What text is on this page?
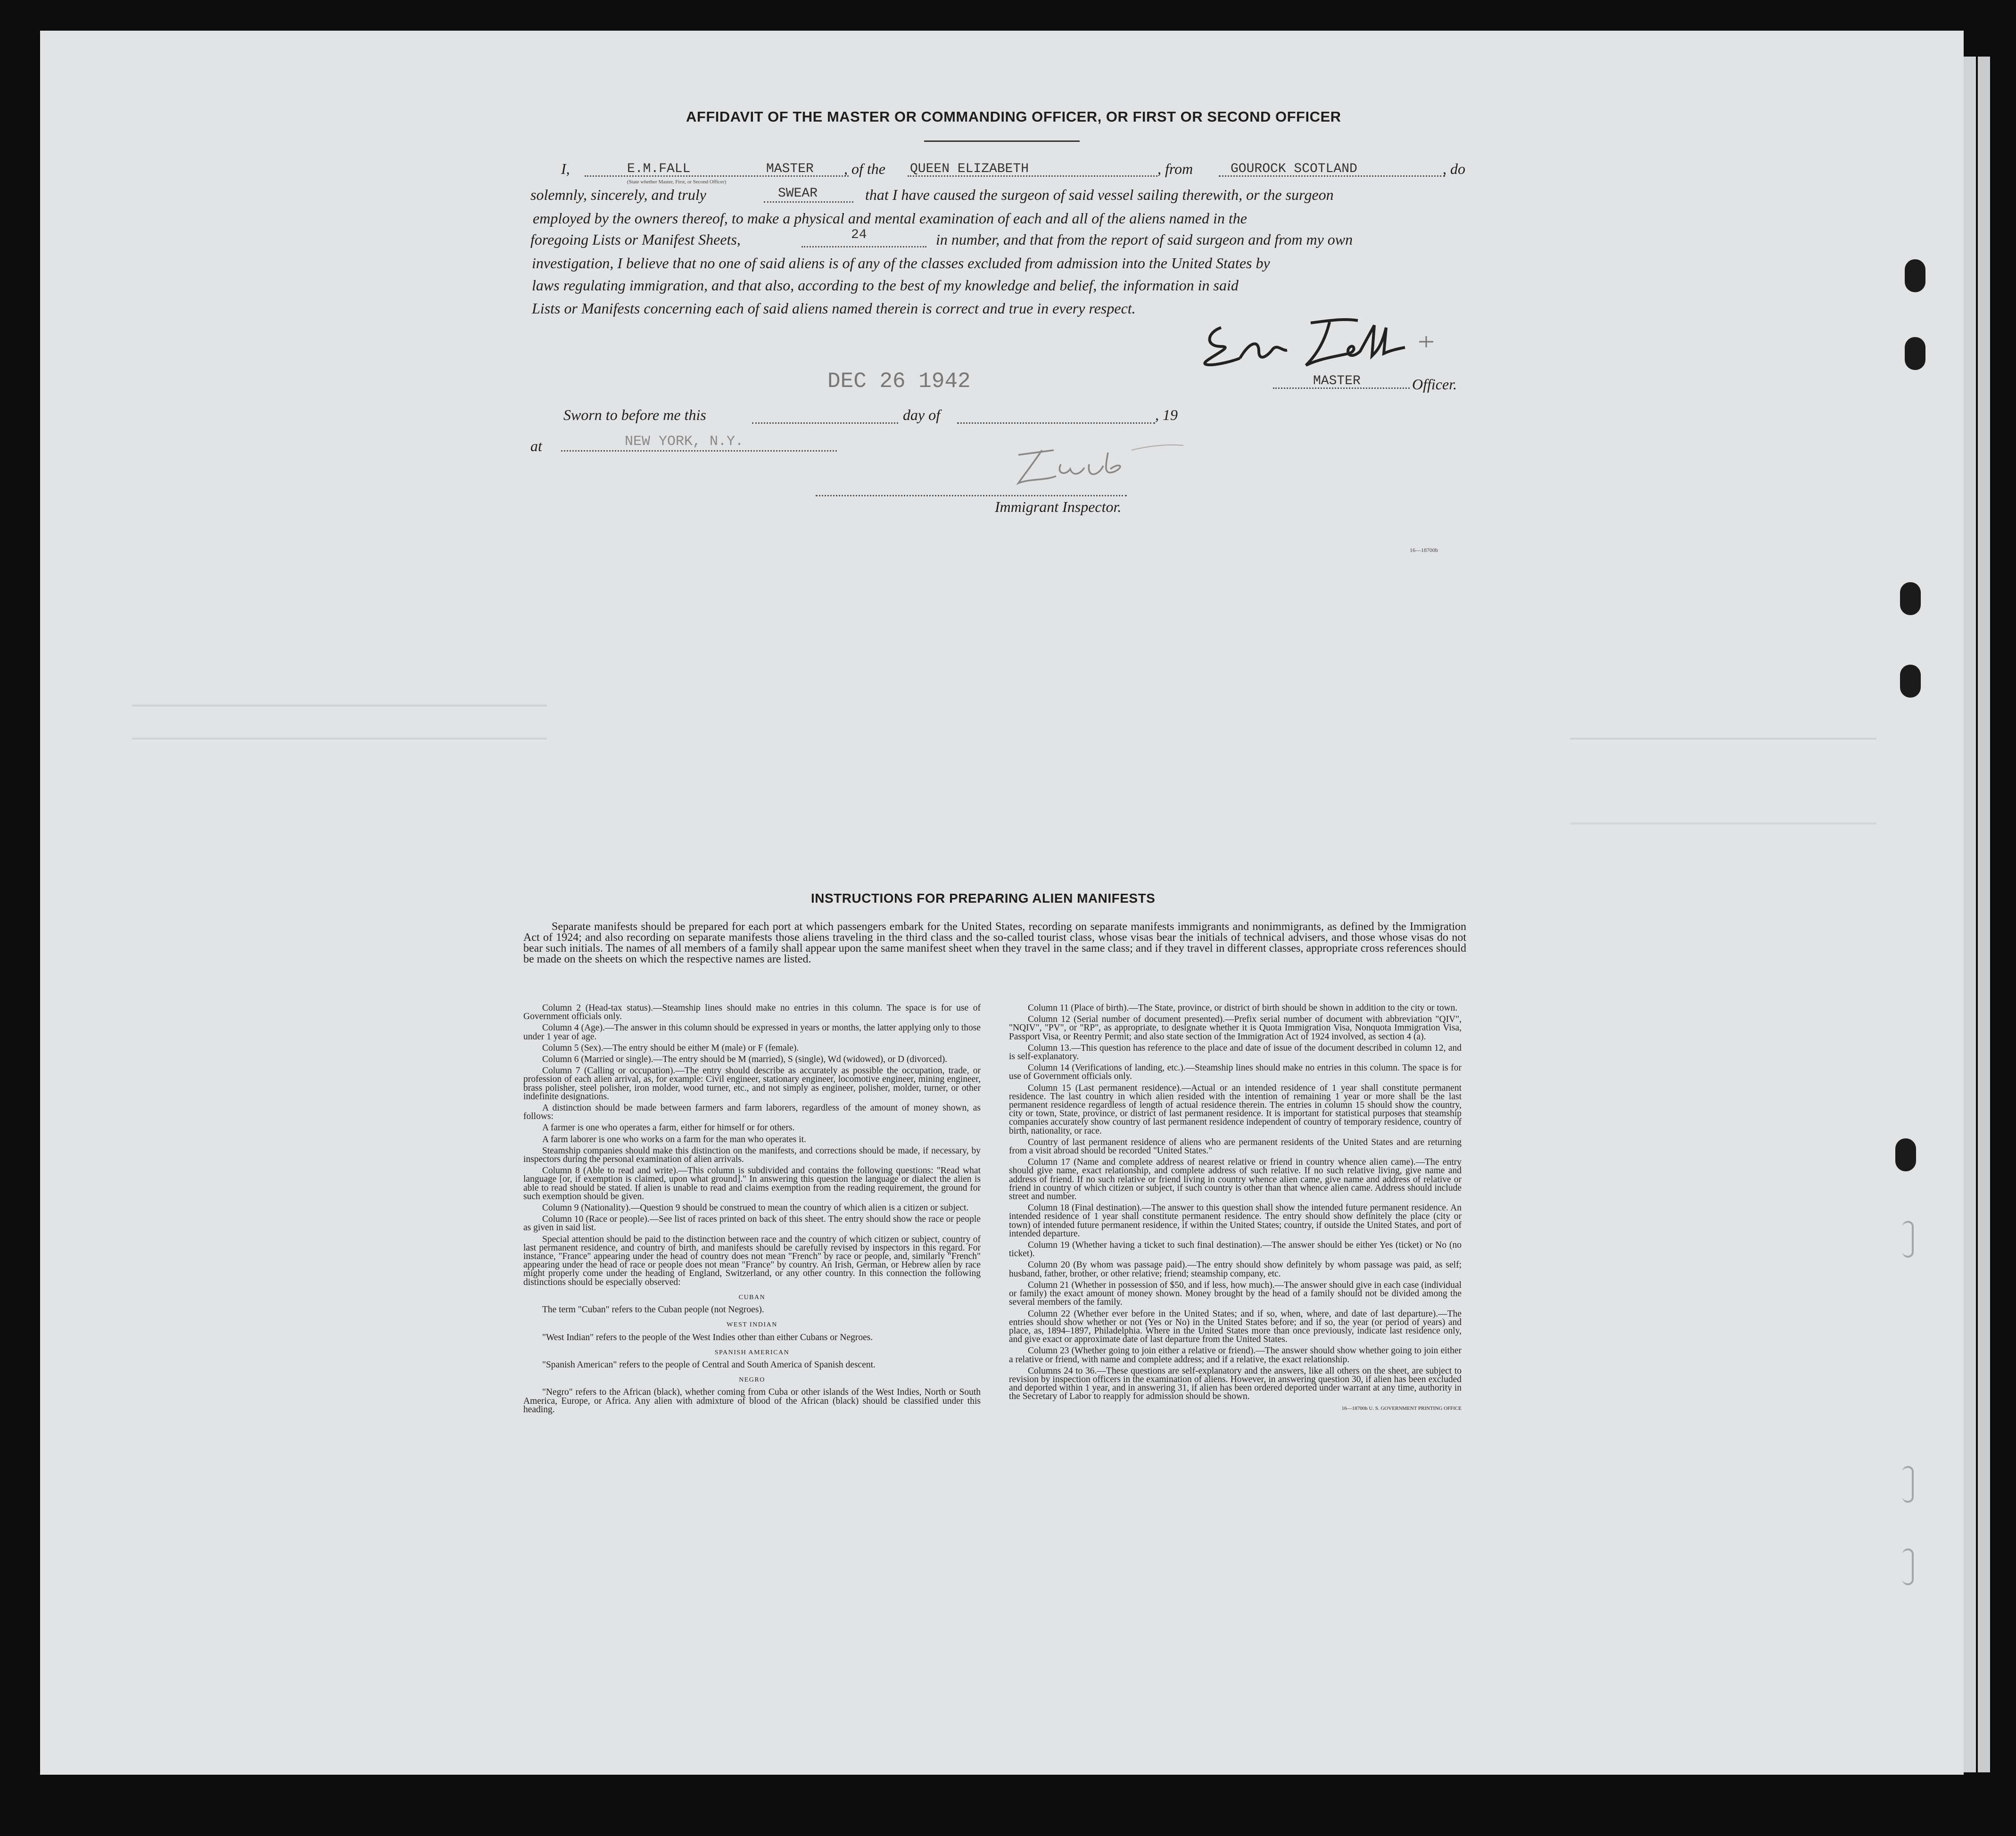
AFFIDAVIT OF THE MASTER OR COMMANDING OFFICER, OR FIRST OR SECOND OFFICER
I,	E.M.FALL	MASTER
(State whether Master, First, or Second Officer)
, of the QUEEN ELIZABETH	, from	GOUROCK SCOTLAND	, do
solemnly, sincerely, and truly	SWEAR	that I have caused the surgeon of said vessel sailing therewith, or the surgeon
employed by the owners thereof, to make a physical and mental examination of each and all of the aliens named in the
foregoing Lists or Manifest Sheets,	24	in number, and that from the report of said surgeon and from my own
investigation, I believe that no one of said aliens is of any of the classes excluded from admission into the United States by
laws regulating immigration, and that also, according to the best of my knowledge and belief, the information in said
Lists or Manifests concerning each of said aliens named therein is correct and true in every respect.
MASTER	Officer.
DEC 26 1942
Sworn to before me this	day of	, 19
at	NEW YORK, N.Y.
Immigrant Inspector.
16—18700b
INSTRUCTIONS FOR PREPARING ALIEN MANIFESTS
Separate manifests should be prepared for each port at which passengers embark for the United States, recording on separate manifests immigrants and nonimmigrants, as defined by the Immigration Act of 1924; and also recording on separate manifests those aliens traveling in the third class and the so-called tourist class, whose visas bear the initials of technical advisers, and those whose visas do not bear such initials. The names of all members of a family shall appear upon the same manifest sheet when they travel in the same class; and if they travel in different classes, appropriate cross references should be made on the sheets on which the respective names are listed.

Column 2 (Head-tax status).—Steamship lines should make no entries in this column. The space is for use of Government officials only.

Column 4 (Age).—The answer in this column should be expressed in years or months, the latter applying only to those under 1 year of age.

Column 5 (Sex).—The entry should be either M (male) or F (female).

Column 6 (Married or single).—The entry should be M (married), S (single), Wd (widowed), or D (divorced).

Column 7 (Calling or occupation).—The entry should describe as accurately as possible the occupation, trade, or profession of each alien arrival, as, for example: Civil engineer, stationary engineer, locomotive engineer, mining engineer, brass polisher, steel polisher, iron molder, wood turner, etc., and not simply as engineer, polisher, molder, turner, or other indefinite designations.

A distinction should be made between farmers and farm laborers, regardless of the amount of money shown, as follows:

A farmer is one who operates a farm, either for himself or for others.

A farm laborer is one who works on a farm for the man who operates it.

Steamship companies should make this distinction on the manifests, and corrections should be made, if necessary, by inspectors during the personal examination of alien arrivals.

Column 8 (Able to read and write).—This column is subdivided and contains the following questions: "Read what language [or, if exemption is claimed, upon what ground]." In answering this question the language or dialect the alien is able to read should be stated. If alien is unable to read and claims exemption from the reading requirement, the ground for such exemption should be given.

Column 9 (Nationality).—Question 9 should be construed to mean the country of which alien is a citizen or subject.

Column 10 (Race or people).—See list of races printed on back of this sheet. The entry should show the race or people as given in said list.

Special attention should be paid to the distinction between race and the country of which citizen or subject, country of last permanent residence, and country of birth, and manifests should be carefully revised by inspectors in this regard. For instance, "France" appearing under the head of country does not mean "French" by race or people, and, similarly "French" appearing under the head of race or people does not mean "France" by country. An Irish, German, or Hebrew alien by race might properly come under the heading of England, Switzerland, or any other country. In this connection the following distinctions should be especially observed:

CUBAN

The term "Cuban" refers to the Cuban people (not Negroes).

WEST INDIAN

"West Indian" refers to the people of the West Indies other than either Cubans or Negroes.

SPANISH AMERICAN

"Spanish American" refers to the people of Central and South America of Spanish descent.

NEGRO

"Negro" refers to the African (black), whether coming from Cuba or other islands of the West Indies, North or South America, Europe, or Africa. Any alien with admixture of blood of the African (black) should be classified under this heading.

Column 11 (Place of birth).—The State, province, or district of birth should be shown in addition to the city or town.

Column 12 (Serial number of document presented).—Prefix serial number of document with abbreviation "QIV", "NQIV", "PV", or "RP", as appropriate, to designate whether it is Quota Immigration Visa, Nonquota Immigration Visa, Passport Visa, or Reentry Permit; and also state section of the Immigration Act of 1924 involved, as section 4 (a).

Column 13.—This question has reference to the place and date of issue of the document described in column 12, and is self-explanatory.

Column 14 (Verifications of landing, etc.).—Steamship lines should make no entries in this column. The space is for use of Government officials only.

Column 15 (Last permanent residence).—Actual or an intended residence of 1 year shall constitute permanent residence. The last country in which alien resided with the intention of remaining 1 year or more shall be the last permanent residence regardless of length of actual residence therein. The entries in column 15 should show the country, city or town, State, province, or district of last permanent residence. It is important for statistical purposes that steamship companies accurately show country of last permanent residence independent of country of temporary residence, country of birth, nationality, or race.

Country of last permanent residence of aliens who are permanent residents of the United States and are returning from a visit abroad should be recorded "United States."

Column 17 (Name and complete address of nearest relative or friend in country whence alien came).—The entry should give name, exact relationship, and complete address of such relative. If no such relative living, give name and address of friend. If no such relative or friend living in country whence alien came, give name and address of relative or friend in country of which citizen or subject, if such country is other than that whence alien came. Address should include street and number.

Column 18 (Final destination).—The answer to this question shall show the intended future permanent residence. An intended residence of 1 year shall constitute permanent residence. The entry should show definitely the place (city or town) of intended future permanent residence, if within the United States; country, if outside the United States, and port of intended departure.

Column 19 (Whether having a ticket to such final destination).—The answer should be either Yes (ticket) or No (no ticket).

Column 20 (By whom was passage paid).—The entry should show definitely by whom passage was paid, as self; husband, father, brother, or other relative; friend; steamship company, etc.

Column 21 (Whether in possession of $50, and if less, how much).—The answer should give in each case (individual or family) the exact amount of money shown. Money brought by the head of a family should not be divided among the several members of the family.

Column 22 (Whether ever before in the United States; and if so, when, where, and date of last departure).—The entries should show whether or not (Yes or No) in the United States before; and if so, the year (or period of years) and place, as, 1894–1897, Philadelphia. Where in the United States more than once previously, indicate last residence only, and give exact or approximate date of last departure from the United States.

Column 23 (Whether going to join either a relative or friend).—The answer should show whether going to join either a relative or friend, with name and complete address; and if a relative, the exact relationship.

Columns 24 to 36.—These questions are self-explanatory and the answers, like all others on the sheet, are subject to revision by inspection officers in the examination of aliens. However, in answering question 30, if alien has been excluded and deported within 1 year, and in answering 31, if alien has been ordered deported under warrant at any time, authority in the Secretary of Labor to reapply for admission should be shown.

16—18700b U. S. GOVERNMENT PRINTING OFFICE
